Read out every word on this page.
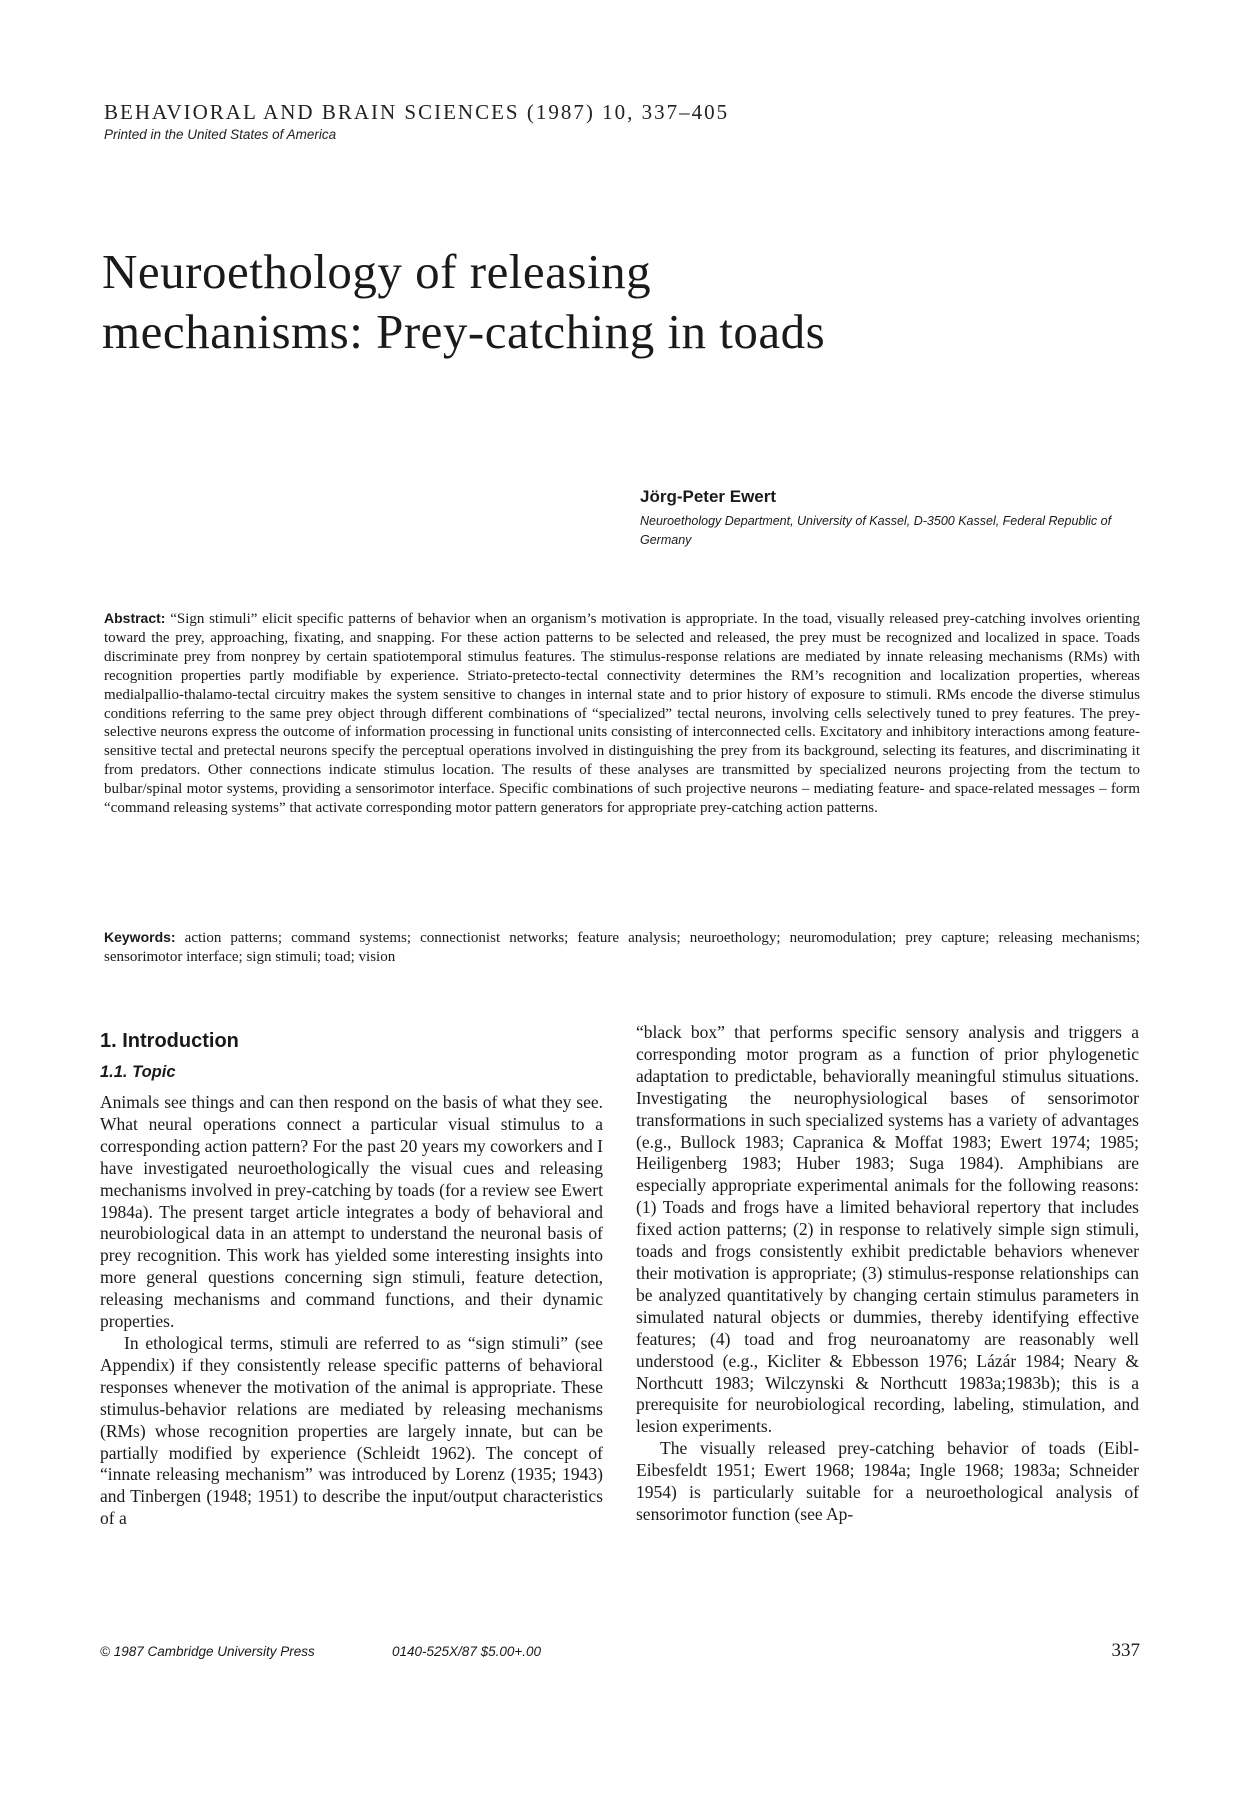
BEHAVIORAL AND BRAIN SCIENCES (1987) 10, 337–405
Printed in the United States of America
Neuroethology of releasing mechanisms: Prey-catching in toads
Jörg-Peter Ewert
Neuroethology Department, University of Kassel, D-3500 Kassel, Federal Republic of Germany

Abstract: “Sign stimuli” elicit specific patterns of behavior when an organism’s motivation is appropriate. In the toad, visually released prey-catching involves orienting toward the prey, approaching, fixating, and snapping. For these action patterns to be selected and released, the prey must be recognized and localized in space. Toads discriminate prey from nonprey by certain spatiotemporal stimulus features. The stimulus-response relations are mediated by innate releasing mechanisms (RMs) with recognition properties partly modifiable by experience. Striato-pretecto-tectal connectivity determines the RM’s recognition and localization properties, whereas medialpallio-thalamo-tectal circuitry makes the system sensitive to changes in internal state and to prior history of exposure to stimuli. RMs encode the diverse stimulus conditions referring to the same prey object through different combinations of “specialized” tectal neurons, involving cells selectively tuned to prey features. The prey-selective neurons express the outcome of information processing in functional units consisting of interconnected cells. Excitatory and inhibitory interactions among feature-sensitive tectal and pretectal neurons specify the perceptual operations involved in distinguishing the prey from its background, selecting its features, and discriminating it from predators. Other connections indicate stimulus location. The results of these analyses are transmitted by specialized neurons projecting from the tectum to bulbar/spinal motor systems, providing a sensorimotor interface. Specific combinations of such projective neurons – mediating feature- and space-related messages – form “command releasing systems” that activate corresponding motor pattern generators for appropriate prey-catching action patterns.

Keywords: action patterns; command systems; connectionist networks; feature analysis; neuroethology; neuromodulation; prey capture; releasing mechanisms; sensorimotor interface; sign stimuli; toad; vision

1. Introduction
1.1. Topic

Animals see things and can then respond on the basis of what they see. What neural operations connect a particular visual stimulus to a corresponding action pattern? For the past 20 years my coworkers and I have investigated neuroethologically the visual cues and releasing mechanisms involved in prey-catching by toads (for a review see Ewert 1984a). The present target article integrates a body of behavioral and neurobiological data in an attempt to understand the neuronal basis of prey recognition. This work has yielded some interesting insights into more general questions concerning sign stimuli, feature detection, releasing mechanisms and command functions, and their dynamic properties.

In ethological terms, stimuli are referred to as “sign stimuli” (see Appendix) if they consistently release specific patterns of behavioral responses whenever the motivation of the animal is appropriate. These stimulus-behavior relations are mediated by releasing mechanisms (RMs) whose recognition properties are largely innate, but can be partially modified by experience (Schleidt 1962). The concept of “innate releasing mechanism” was introduced by Lorenz (1935; 1943) and Tinbergen (1948; 1951) to describe the input/output characteristics of a

“black box” that performs specific sensory analysis and triggers a corresponding motor program as a function of prior phylogenetic adaptation to predictable, behaviorally meaningful stimulus situations. Investigating the neurophysiological bases of sensorimotor transformations in such specialized systems has a variety of advantages (e.g., Bullock 1983; Capranica & Moffat 1983; Ewert 1974; 1985; Heiligenberg 1983; Huber 1983; Suga 1984). Amphibians are especially appropriate experimental animals for the following reasons: (1) Toads and frogs have a limited behavioral repertory that includes fixed action patterns; (2) in response to relatively simple sign stimuli, toads and frogs consistently exhibit predictable behaviors whenever their motivation is appropriate; (3) stimulus-response relationships can be analyzed quantitatively by changing certain stimulus parameters in simulated natural objects or dummies, thereby identifying effective features; (4) toad and frog neuroanatomy are reasonably well understood (e.g., Kicliter & Ebbesson 1976; Lázár 1984; Neary & Northcutt 1983; Wilczynski & Northcutt 1983a;1983b); this is a prerequisite for neurobiological recording, labeling, stimulation, and lesion experiments.

The visually released prey-catching behavior of toads (Eibl-Eibesfeldt 1951; Ewert 1968; 1984a; Ingle 1968; 1983a; Schneider 1954) is particularly suitable for a neuroethological analysis of sensorimotor function (see Ap-

© 1987 Cambridge University Press	0140-525X/87 $5.00+.00	337
